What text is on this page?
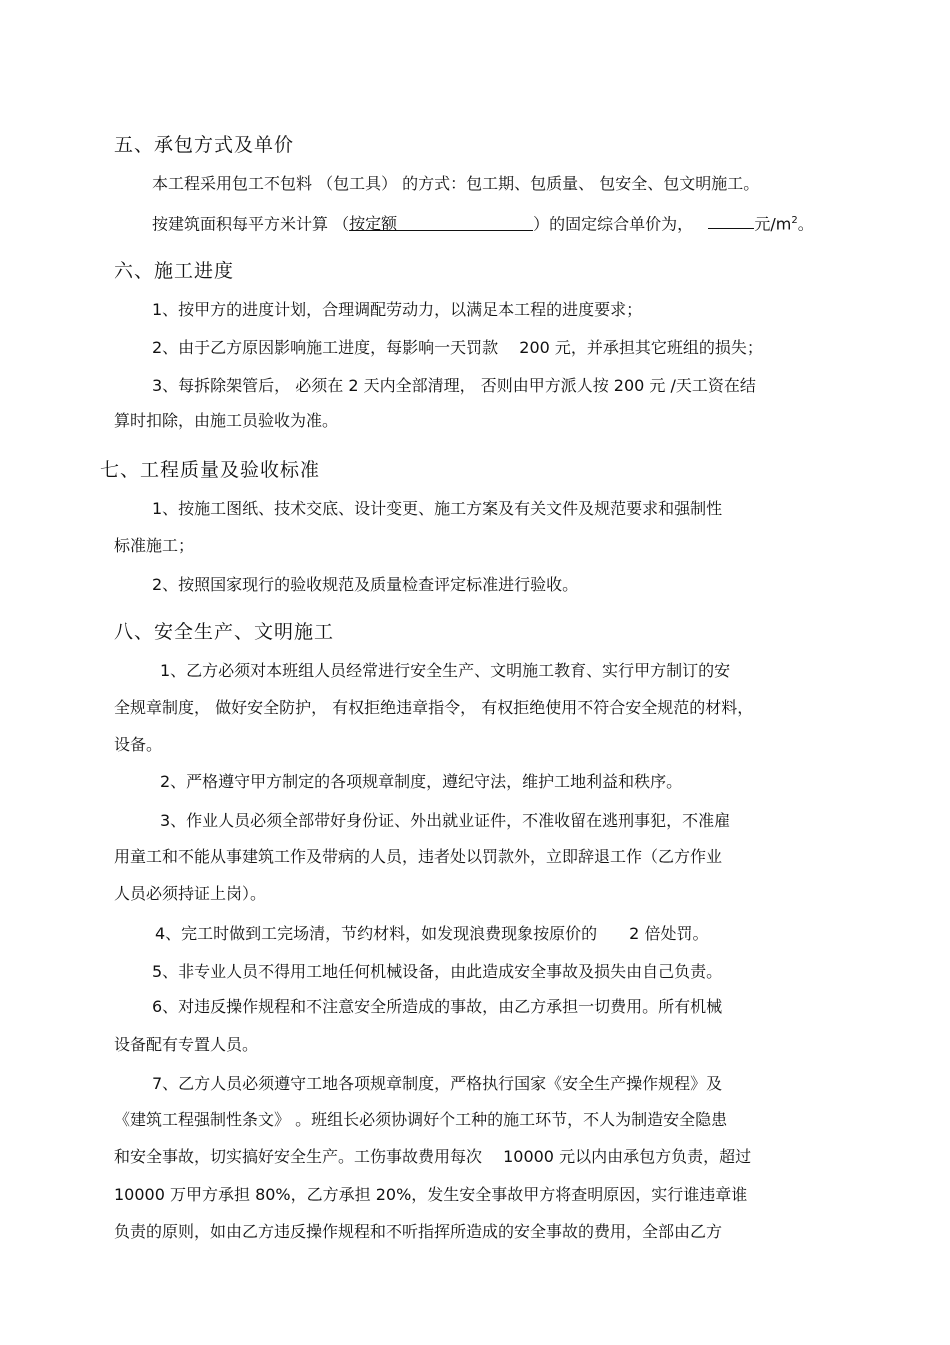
五、承包方式及单价
本工程采用包工不包料 （包工具） 的方式：包工期、包质量、 包安全、包文明施工。
按建筑面积每平方米计算 （按定额	）的固定综合单价为，	元$/m^2$。
六、施工进度
1、按甲方的进度计划，合理调配劳动力，以满足本工程的进度要求；
2、由于乙方原因影响施工进度，每影响一天罚款　 200 元，并承担其它班组的损失；
3、每拆除架管后， 必须在 2 天内全部清理， 否则由甲方派人按 200 元 /天工资在结
算时扣除，由施工员验收为准。
七、工程质量及验收标准
1、按施工图纸、技术交底、设计变更、施工方案及有关文件及规范要求和强制性
标准施工；
2、按照国家现行的验收规范及质量检查评定标准进行验收。
八、安全生产、文明施工
1、乙方必须对本班组人员经常进行安全生产、文明施工教育、实行甲方制订的安
全规章制度， 做好安全防护， 有权拒绝违章指令， 有权拒绝使用不符合安全规范的材料，
设备。
2、严格遵守甲方制定的各项规章制度，遵纪守法，维护工地利益和秩序。
3、作业人员必须全部带好身份证、外出就业证件，不准收留在逃刑事犯，不准雇
用童工和不能从事建筑工作及带病的人员，违者处以罚款外，立即辞退工作（乙方作业
人员必须持证上岗）。
4、完工时做到工完场清，节约材料，如发现浪费现象按原价的　　2 倍处罚。
5、非专业人员不得用工地任何机械设备，由此造成安全事故及损失由自己负责。
6、对违反操作规程和不注意安全所造成的事故，由乙方承担一切费用。所有机械
设备配有专置人员。
7、乙方人员必须遵守工地各项规章制度，严格执行国家《安全生产操作规程》及
《建筑工程强制性条文》 。班组长必须协调好个工种的施工环节，不人为制造安全隐患
和安全事故，切实搞好安全生产。工伤事故费用每次　 10000 元以内由承包方负责，超过
10000 万甲方承担 80%，乙方承担 20%，发生安全事故甲方将查明原因，实行谁违章谁
负责的原则，如由乙方违反操作规程和不听指挥所造成的安全事故的费用，全部由乙方
